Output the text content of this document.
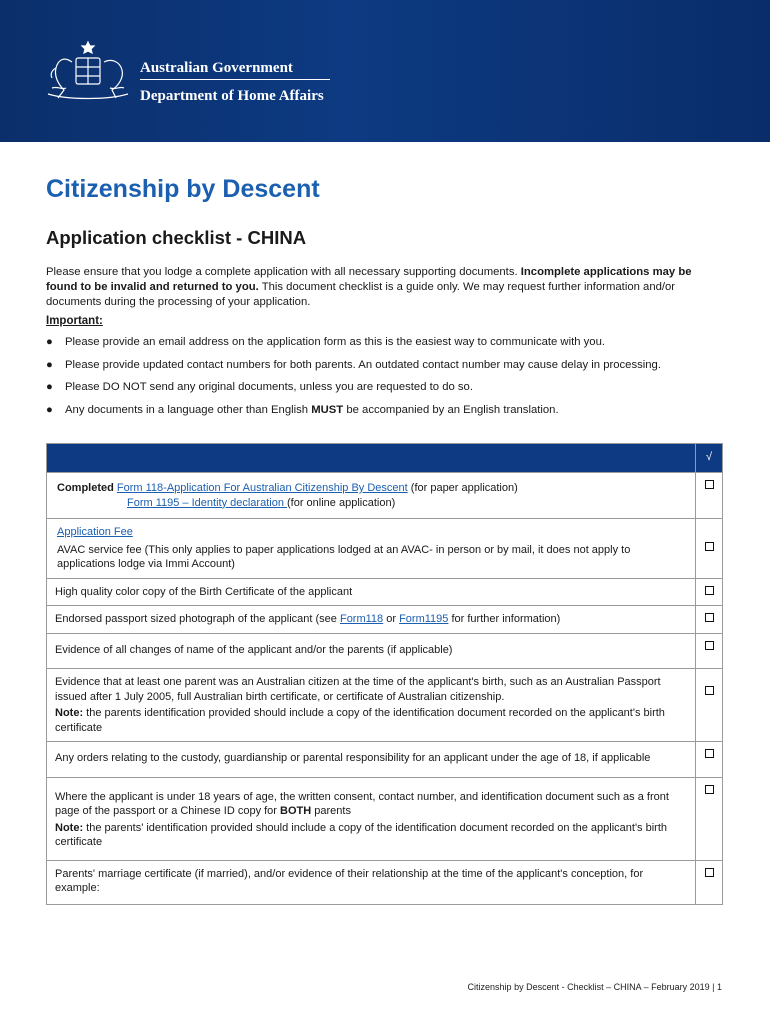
Australian Government
Department of Home Affairs
Citizenship by Descent
Application checklist - CHINA
Please ensure that you lodge a complete application with all necessary supporting documents. Incomplete applications may be found to be invalid and returned to you. This document checklist is a guide only. We may request further information and/or documents during the processing of your application.
Important:
● Please provide an email address on the application form as this is the easiest way to communicate with you.
● Please provide updated contact numbers for both parents. An outdated contact number may cause delay in processing.
● Please DO NOT send any original documents, unless you are requested to do so.
● Any documents in a language other than English MUST be accompanied by an English translation.
	√

Completed Form 118-Application For Australian Citizenship By Descent (for paper application)
Form 1195 – Identity declaration (for online application)	

Application Fee
AVAC service fee (This only applies to paper applications lodged at an AVAC- in person or by mail, it does not apply to applications lodge via Immi Account)	

High quality color copy of the Birth Certificate of the applicant	
Endorsed passport sized photograph of the applicant (see Form118 or Form1195 for further information)	
Evidence of all changes of name of the applicant and/or the parents (if applicable)	

Evidence that at least one parent was an Australian citizen at the time of the applicant's birth, such as an Australian Passport issued after 1 July 2005, full Australian birth certificate, or certificate of Australian citizenship.
Note: the parents identification provided should include a copy of the identification document recorded on the applicant's birth certificate	

Any orders relating to the custody, guardianship or parental responsibility for an applicant under the age of 18, if applicable	

Where the applicant is under 18 years of age, the written consent, contact number, and identification document such as a front page of the passport or a Chinese ID copy for BOTH parents
Note: the parents' identification provided should include a copy of the identification document recorded on the applicant's birth certificate	

Parents' marriage certificate (if married), and/or evidence of their relationship at the time of the applicant's conception, for example:	
Citizenship by Descent - Checklist – CHINA – February 2019 | 1
